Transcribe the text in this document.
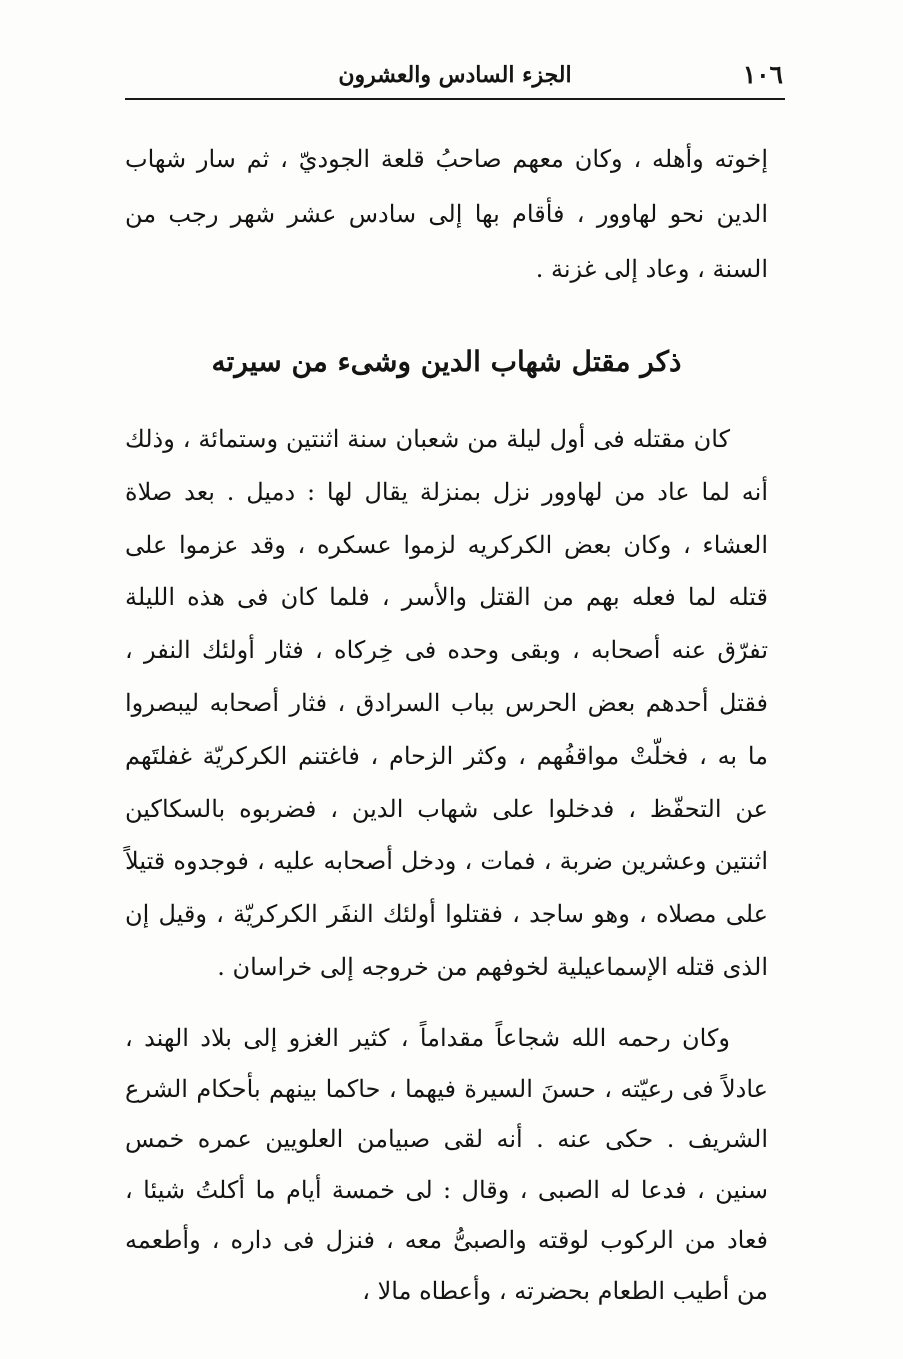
١٠٦
الجزء السادس والعشرون
إخوته وأهله ، وكان معهم صاحبُ قلعة الجوديّ ، ثم سار شهاب الدين نحو لهاوور ، فأقام بها إلى سادس عشر شهر رجب من السنة ، وعاد إلى غزنة .
ذكر مقتل شهاب الدين وشىء من سيرته
كان مقتله فى أول ليلة من شعبان سنة اثنتين وستمائة ، وذلك أنه لما عاد من لهاوور نزل بمنزلة يقال لها : دميل . بعد صلاة العشاء ، وكان بعض الكركريه لزموا عسكره ، وقد عزموا على قتله لما فعله بهم من القتل والأسر ، فلما كان فى هذه الليلة تفرّق عنه أصحابه ، وبقى وحده فى خِركاه ، فثار أولئك النفر ، فقتل أحدهم بعض الحرس بباب السرادق ، فثار أصحابه ليبصروا ما به ، فخلّتْ مواقفُهم ، وكثر الزحام ، فاغتنم الكركريّة غفلتَهم عن التحفّظ ، فدخلوا على شهاب الدين ، فضربوه بالسكاكين اثنتين وعشرين ضربة ، فمات ، ودخل أصحابه عليه ، فوجدوه قتيلاً على مصلاه ، وهو ساجد ، فقتلوا أولئك النفَر الكركريّة ، وقيل إن الذى قتله الإسماعيلية لخوفهم من خروجه إلى خراسان .
وكان رحمه الله شجاعاً مقداماً ، كثير الغزو إلى بلاد الهند ، عادلاً فى رعيّته ، حسنَ السيرة فيهما ، حاكما بينهم بأحكام الشرع الشريف . حكى عنه . أنه لقى صبيامن العلويين عمره خمس سنين ، فدعا له الصبى ، وقال : لى خمسة أيام ما أكلتُ شيئا ، فعاد من الركوب لوقته والصبىُّ معه ، فنزل فى داره ، وأطعمه من أطيب الطعام بحضرته ، وأعطاه مالا ،
